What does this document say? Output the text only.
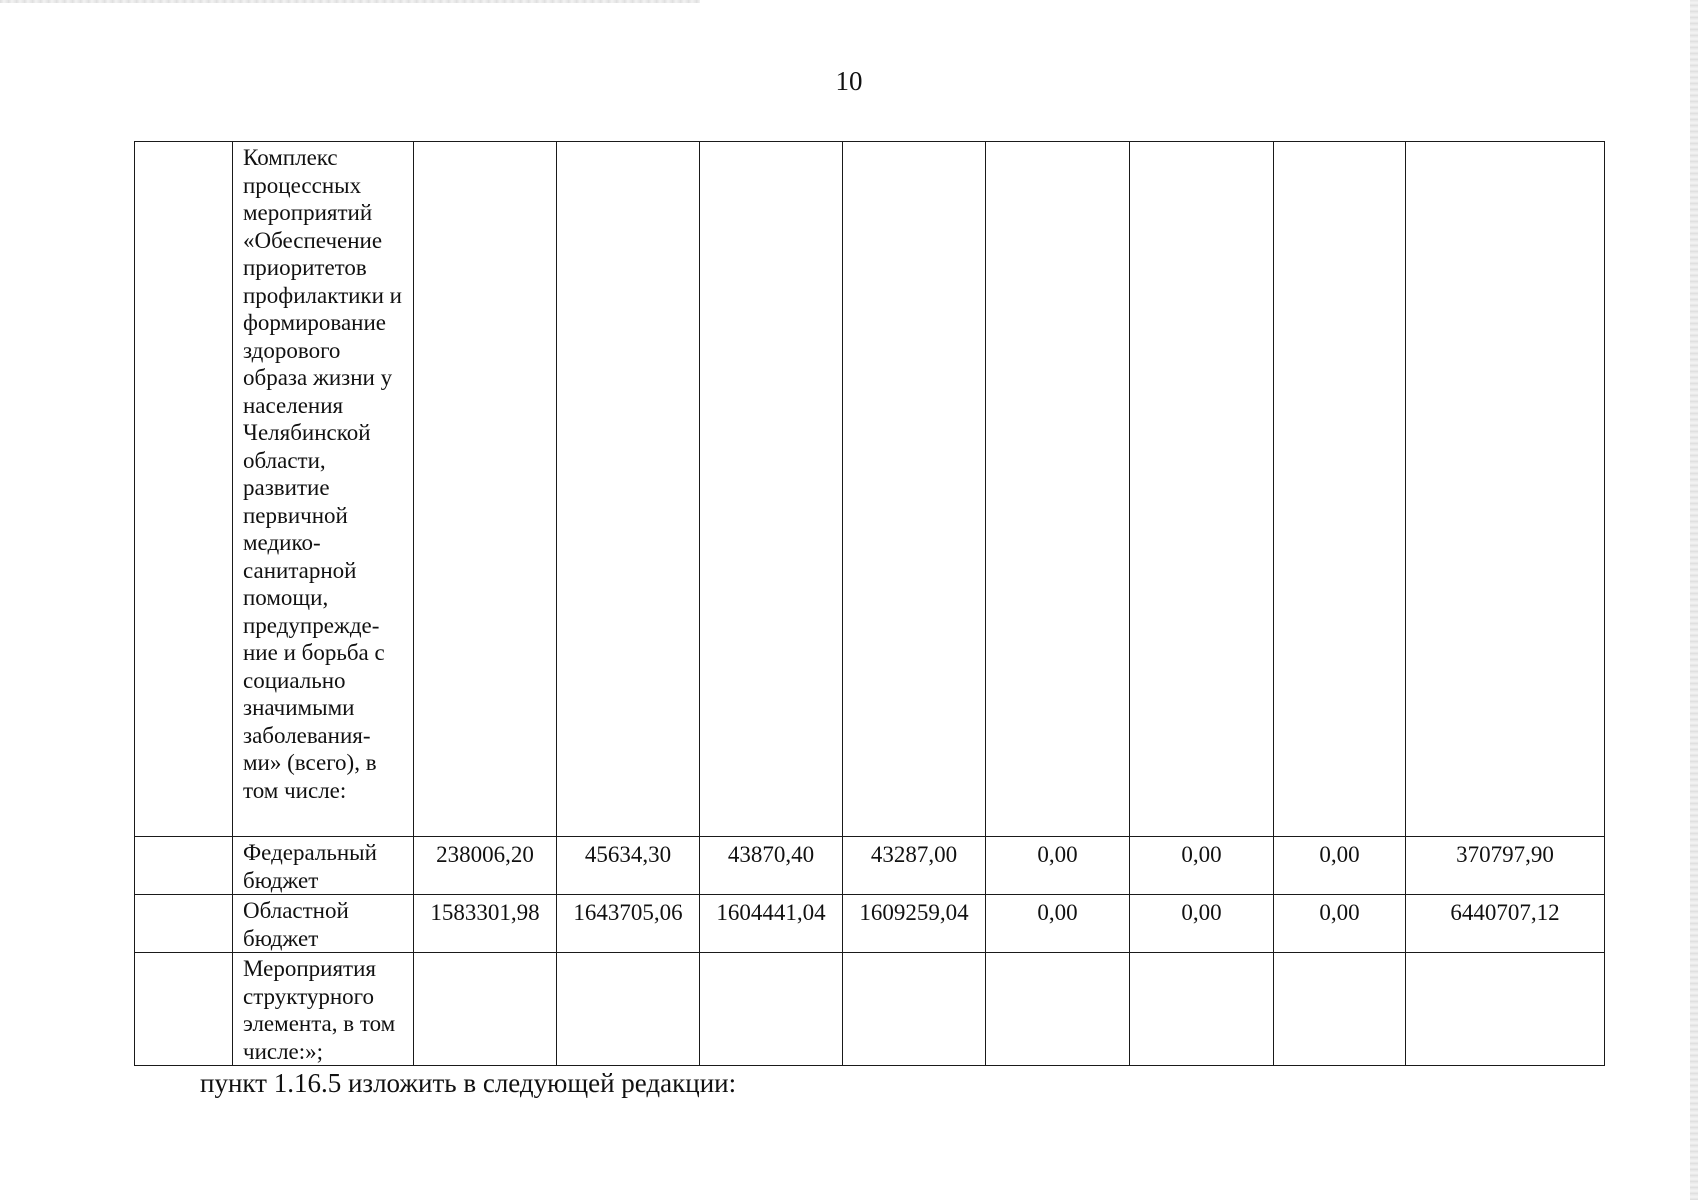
10
	Комплекс процессных мероприятий «Обеспечение приоритетов профилактики и формирование здорового образа жизни у населения Челябинской области, развитие первичной медико-санитарной помощи, предупрежде-ние и борьба с социально значимыми заболевания-ми» (всего), в том числе:								
	Федеральный бюджет	238006,20	45634,30	43870,40	43287,00	0,00	0,00	0,00	370797,90
	Областной бюджет	1583301,98	1643705,06	1604441,04	1609259,04	0,00	0,00	0,00	6440707,12
	Мероприятия структурного элемента, в том числе:»;								
пункт 1.16.5 изложить в следующей редакции:
